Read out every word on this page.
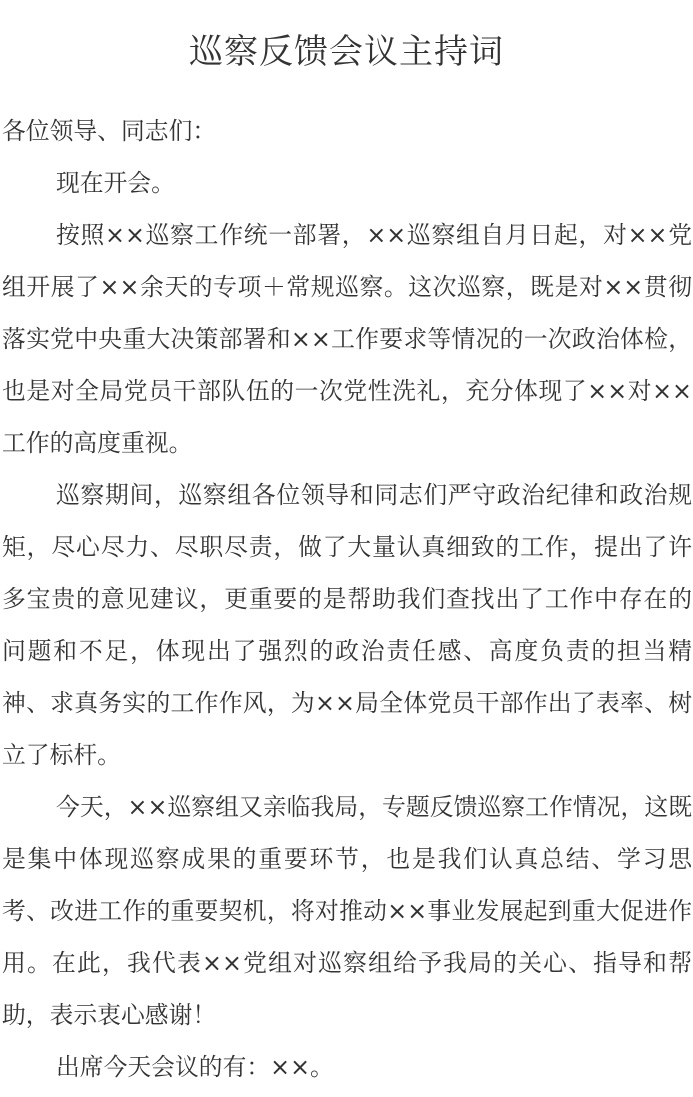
巡察反馈会议主持词

各位领导、同志们：

现在开会。

按照××巡察工作统一部署，××巡察组自月日起，对××党组开展了××余天的专项＋常规巡察。这次巡察，既是对××贯彻落实党中央重大决策部署和××工作要求等情况的一次政治体检，也是对全局党员干部队伍的一次党性洗礼，充分体现了××对××工作的高度重视。

巡察期间，巡察组各位领导和同志们严守政治纪律和政治规矩，尽心尽力、尽职尽责，做了大量认真细致的工作，提出了许多宝贵的意见建议，更重要的是帮助我们查找出了工作中存在的问题和不足，体现出了强烈的政治责任感、高度负责的担当精神、求真务实的工作作风，为××局全体党员干部作出了表率、树立了标杆。

今天，××巡察组又亲临我局，专题反馈巡察工作情况，这既是集中体现巡察成果的重要环节，也是我们认真总结、学习思考、改进工作的重要契机，将对推动××事业发展起到重大促进作用。在此，我代表××党组对巡察组给予我局的关心、指导和帮助，表示衷心感谢！

出席今天会议的有：××。
